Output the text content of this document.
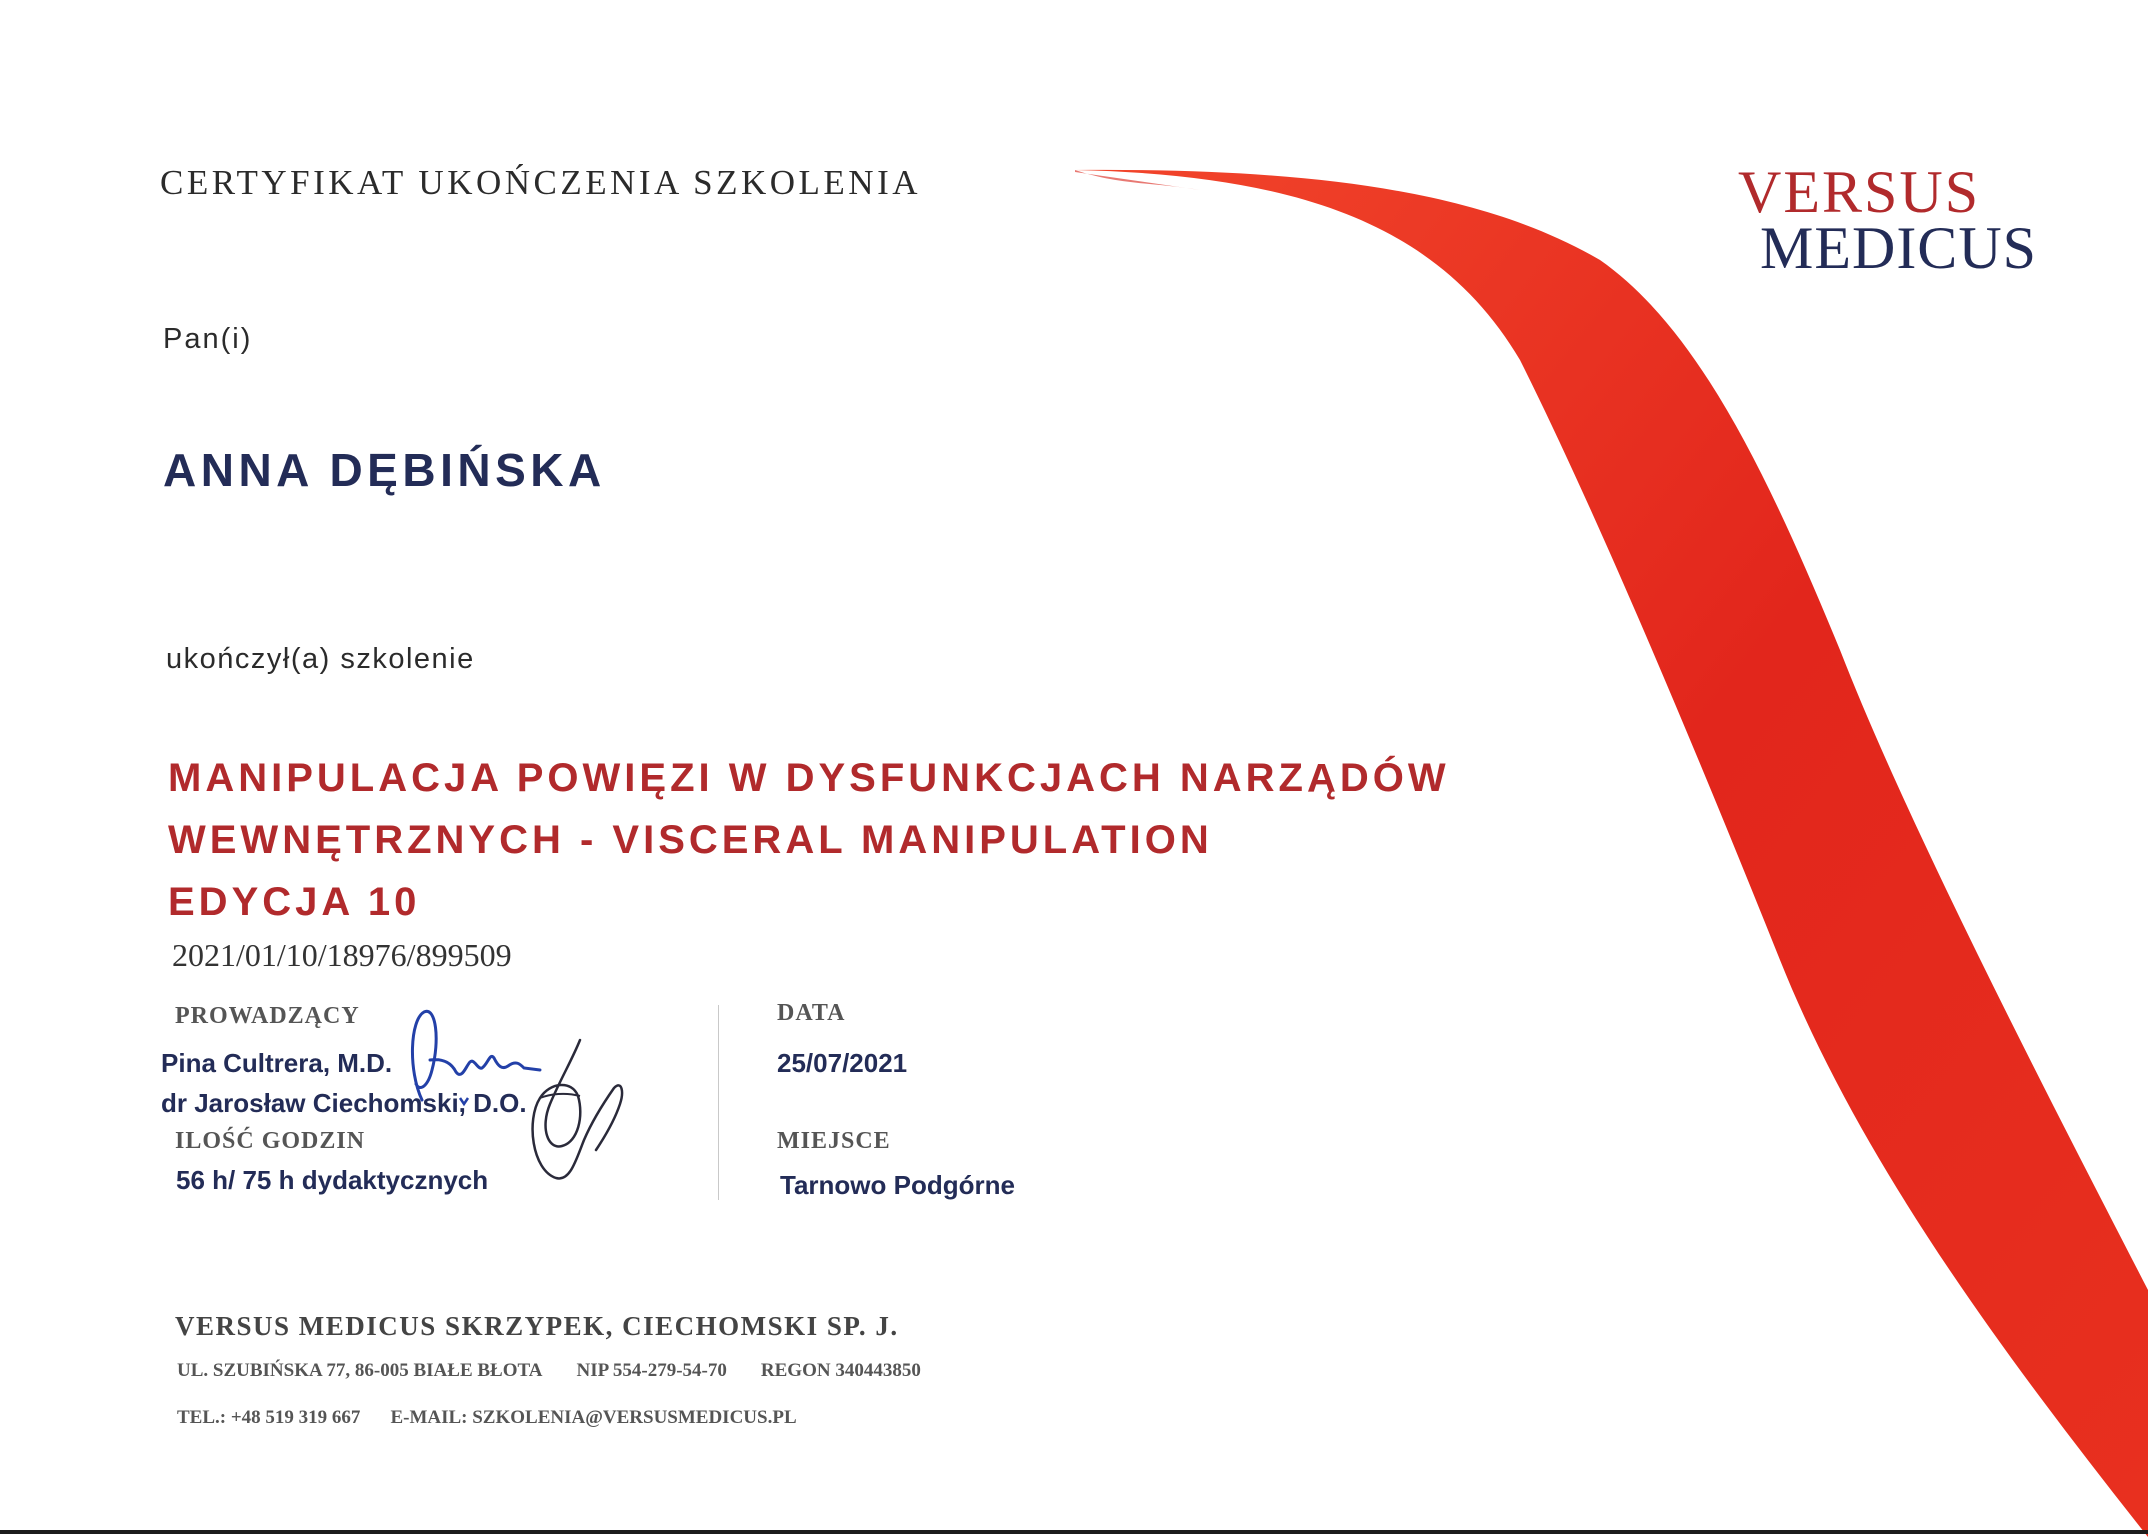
CERTYFIKAT UKOŃCZENIA SZKOLENIA
Pan(i)
ANNA DĘBIŃSKA
ukończył(a) szkolenie
MANIPULACJA POWIĘZI W DYSFUNKCJACH NARZĄDÓW
WEWNĘTRZNYCH - VISCERAL MANIPULATION
EDYCJA 10
2021/01/10/18976/899509
PROWADZĄCY
Pina Cultrera, M.D.
dr Jarosław Ciechomski, D.O.
ILOŚĆ GODZIN
56 h/ 75 h dydaktycznych
DATA
25/07/2021
MIEJSCE
Tarnowo Podgórne
VERSUS MEDICUS SKRZYPEK, CIECHOMSKI SP. J.
UL. SZUBIŃSKA 77, 86-005 BIAŁE BŁOTA NIP 554-279-54-70 REGON 340443850
TEL.: +48 519 319 667 E-MAIL: SZKOLENIA@VERSUSMEDICUS.PL
VERSUS
MEDICUS
